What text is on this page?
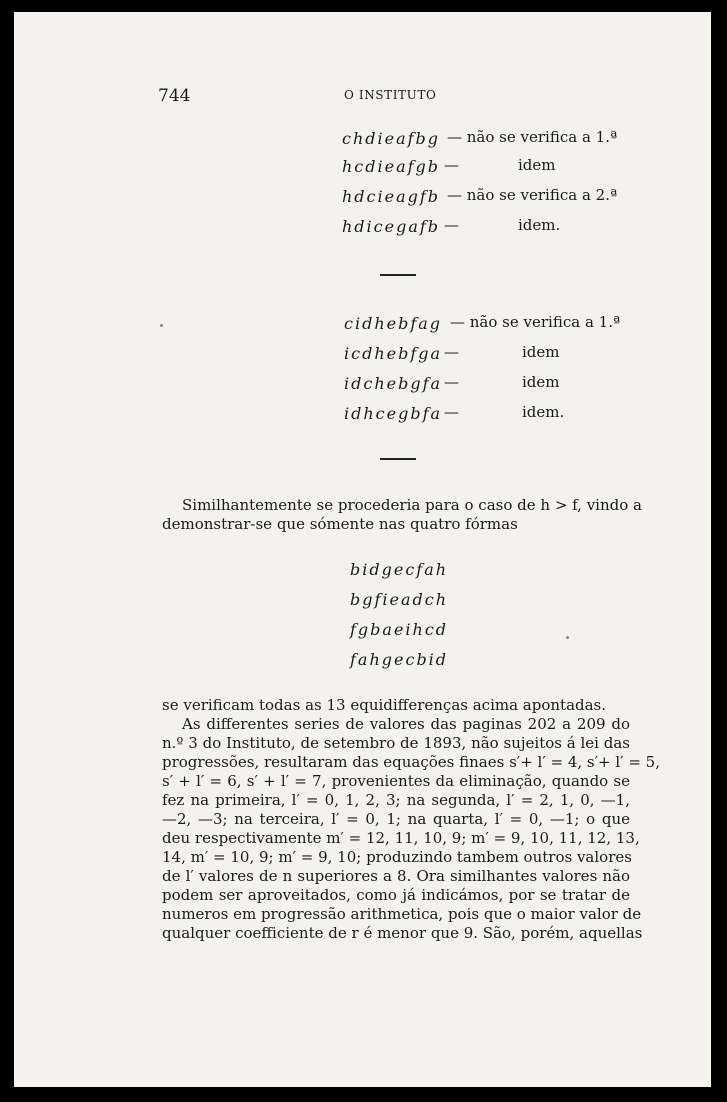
744	O INSTITUTO
chdieafbg — não se verifica a 1.ª
hcdieafgb —	idem
hdcieagfb — não se verifica a 2.ª
hdicegafb —	idem.
cidhebfag — não se verifica a 1.ª
icdhebfga —	idem
idchebgfa —	idem
idhcegbfa —	idem.

Similhantemente se procederia para o caso de h > f, vindo a
demonstrar-se que sómente nas quatro fórmas

bidgecfah
bgfieadch
fgbaeihcd
fahgecbid

se verificam todas as 13 equidifferenças acima apontadas.
As differentes series de valores das paginas 202 a 209 do
n.º 3 do Instituto, de setembro de 1893, não sujeitos á lei das
progressões, resultaram das equações finaes s′+ l′ = 4, s′+ l′ = 5,
s′ + l′ = 6, s′ + l′ = 7, provenientes da eliminação, quando se
fez na primeira, l′ = 0, 1, 2, 3; na segunda, l′ = 2, 1, 0, —1,
—2, —3; na terceira, l′ = 0, 1; na quarta, l′ = 0, —1; o que
deu respectivamente m′ = 12, 11, 10, 9; m′ = 9, 10, 11, 12, 13,
14, m′ = 10, 9; m′ = 9, 10; produzindo tambem outros valores
de l′ valores de n superiores a 8. Ora similhantes valores não
podem ser aproveitados, como já indicámos, por se tratar de
numeros em progressão arithmetica, pois que o maior valor de
qualquer coefficiente de r é menor que 9. São, porém, aquellas
